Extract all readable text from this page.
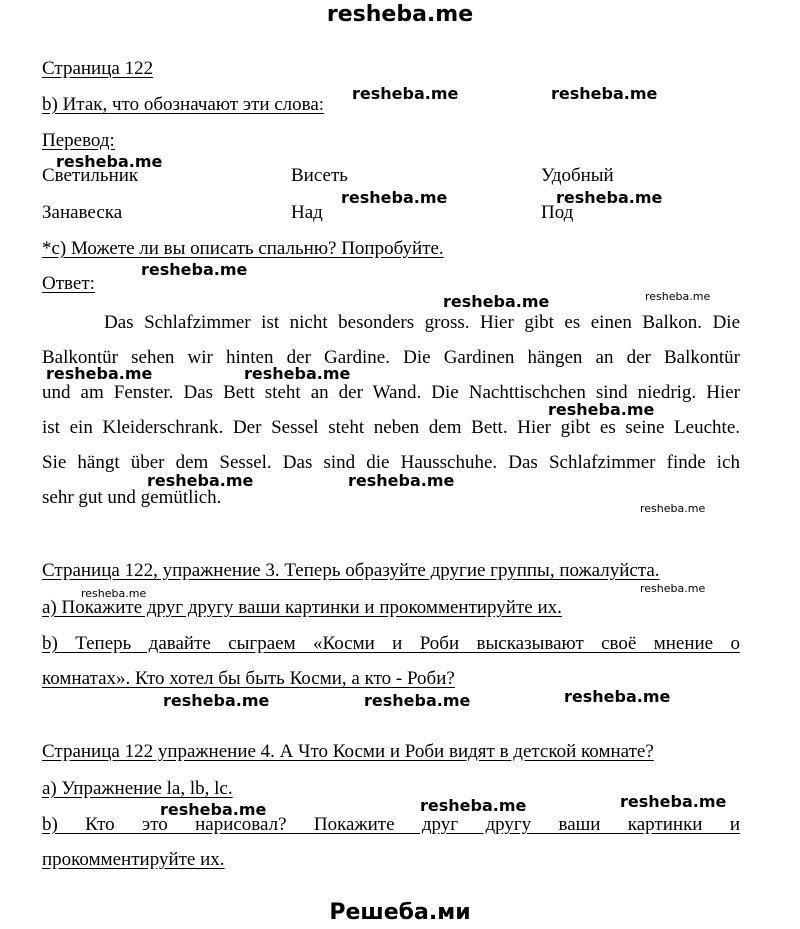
resheba.me
Страница 122
b) Итак, что обозначают эти слова:
Перевод:
Светильник	Висеть	Удобный
Занавеска	Над	Под
*c) Можете ли вы описать спальню? Попробуйте.
Ответ:
Das Schlafzimmer ist nicht besonders gross. Hier gibt es einen Balkon. Die
Balkontür sehen wir hinten der Gardine. Die Gardinen hängen an der Balkontür
und am Fenster. Das Bett steht an der Wand. Die Nachttischchen sind niedrig. Hier
ist ein Kleiderschrank. Der Sessel steht neben dem Bett. Hier gibt es seine Leuchte.
Sie hängt über dem Sessel. Das sind die Hausschuhe. Das Schlafzimmer finde ich
sehr gut und gemütlich.
Страница 122, упражнение 3. Теперь образуйте другие группы, пожалуйста.
а) Покажите друг другу ваши картинки и прокомментируйте их.
b) Теперь давайте сыграем «Косми и Роби высказывают своё мнение о
комнатах». Кто хотел бы быть Косми, а кто - Роби?
Страница 122 упражнение 4. А Что Косми и Роби видят в детской комнате?
а) Упражнение la, lb, lc.
b) Кто это нарисовал? Покажите друг другу ваши картинки и
прокомментируйте их.
resheba.me	resheba.me
resheba.me
resheba.me	resheba.me
resheba.me
resheba.me	resheba.me
resheba.me	resheba.me
resheba.me
resheba.me	resheba.me
resheba.me
resheba.me	resheba.me
resheba.me	resheba.me	resheba.me
resheba.me	resheba.me	resheba.me
Решеба.ми
